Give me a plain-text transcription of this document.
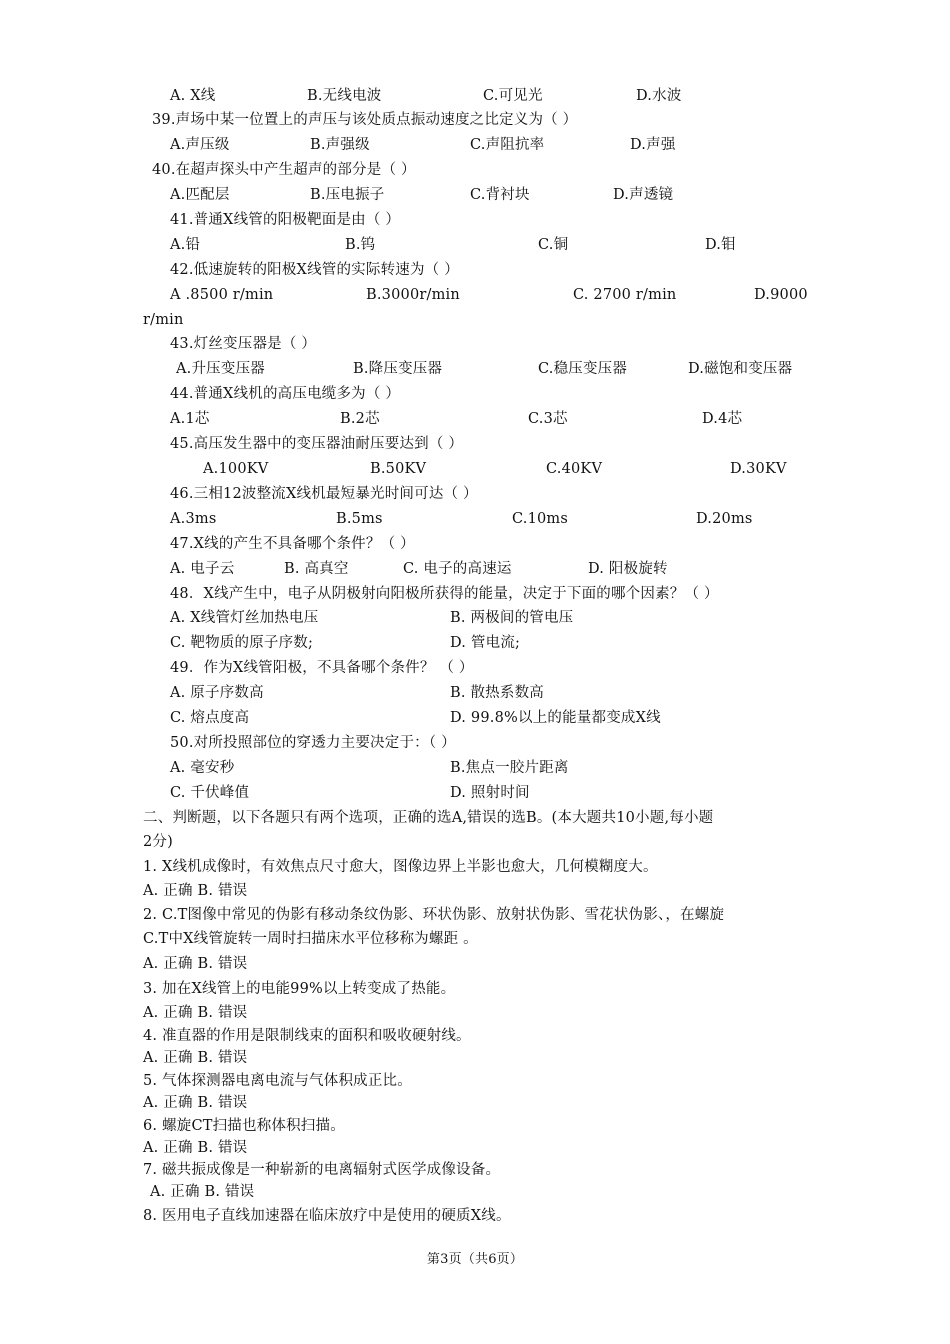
A. X线	B.无线电波	C.可见光	D.水波
39.声场中某一位置上的声压与该处质点振动速度之比定义为（ ）
A.声压级	B.声强级	C.声阻抗率	D.声强
40.在超声探头中产生超声的部分是（ ）
A.匹配层	B.压电振子	C.背衬块	D.声透镜
41.普通X线管的阳极靶面是由（ ）
A.铅	B.钨	C.铜	D.钼
42.低速旋转的阳极X线管的实际转速为（ ）
A .8500 r/min	B.3000r/min	C. 2700 r/min	D.9000
r/min
43.灯丝变压器是（ ）
A.升压变压器	B.降压变压器	C.稳压变压器	D.磁饱和变压器
44.普通X线机的高压电缆多为（ ）
A.1芯	B.2芯	C.3芯	D.4芯
45.高压发生器中的变压器油耐压要达到（ ）
A.100KV	B.50KV	C.40KV	D.30KV
46.三相12波整流X线机最短暴光时间可达（ ）
A.3ms	B.5ms	C.10ms	D.20ms
47.X线的产生不具备哪个条件？（ ）
A. 电子云	B. 高真空	C. 电子的高速运	D. 阳极旋转
48．X线产生中，电子从阴极射向阳极所获得的能量，决定于下面的哪个因素？（ ）
A. X线管灯丝加热电压	B. 两极间的管电压
C. 靶物质的原子序数;	D. 管电流;
49．作为X线管阳极，不具备哪个条件？ （ ）
A. 原子序数高	B. 散热系数高
C. 熔点度高	D. 99.8%以上的能量都变成X线
50.对所投照部位的穿透力主要决定于：（ ）
A. 毫安秒	B.焦点一胶片距离
C. 千伏峰值	D. 照射时间
二、判断题，以下各题只有两个选项，正确的选A,错误的选B。(本大题共10小题,每小题
2分)
1. X线机成像时，有效焦点尺寸愈大，图像边界上半影也愈大，几何模糊度大。
A. 正确 B. 错误
2. C.T图像中常见的伪影有移动条纹伪影、环状伪影、放射状伪影、雪花状伪影、，在螺旋
C.T中X线管旋转一周时扫描床水平位移称为螺距 。
A. 正确 B. 错误
3. 加在X线管上的电能99%以上转变成了热能。
A. 正确 B. 错误
4. 准直器的作用是限制线束的面积和吸收硬射线。
A. 正确 B. 错误
5. 气体探测器电离电流与气体积成正比。
A. 正确 B. 错误
6. 螺旋CT扫描也称体积扫描。
A. 正确 B. 错误
7. 磁共振成像是一种崭新的电离辐射式医学成像设备。
A. 正确 B. 错误
8. 医用电子直线加速器在临床放疗中是使用的硬质X线。
第3页（共6页）
